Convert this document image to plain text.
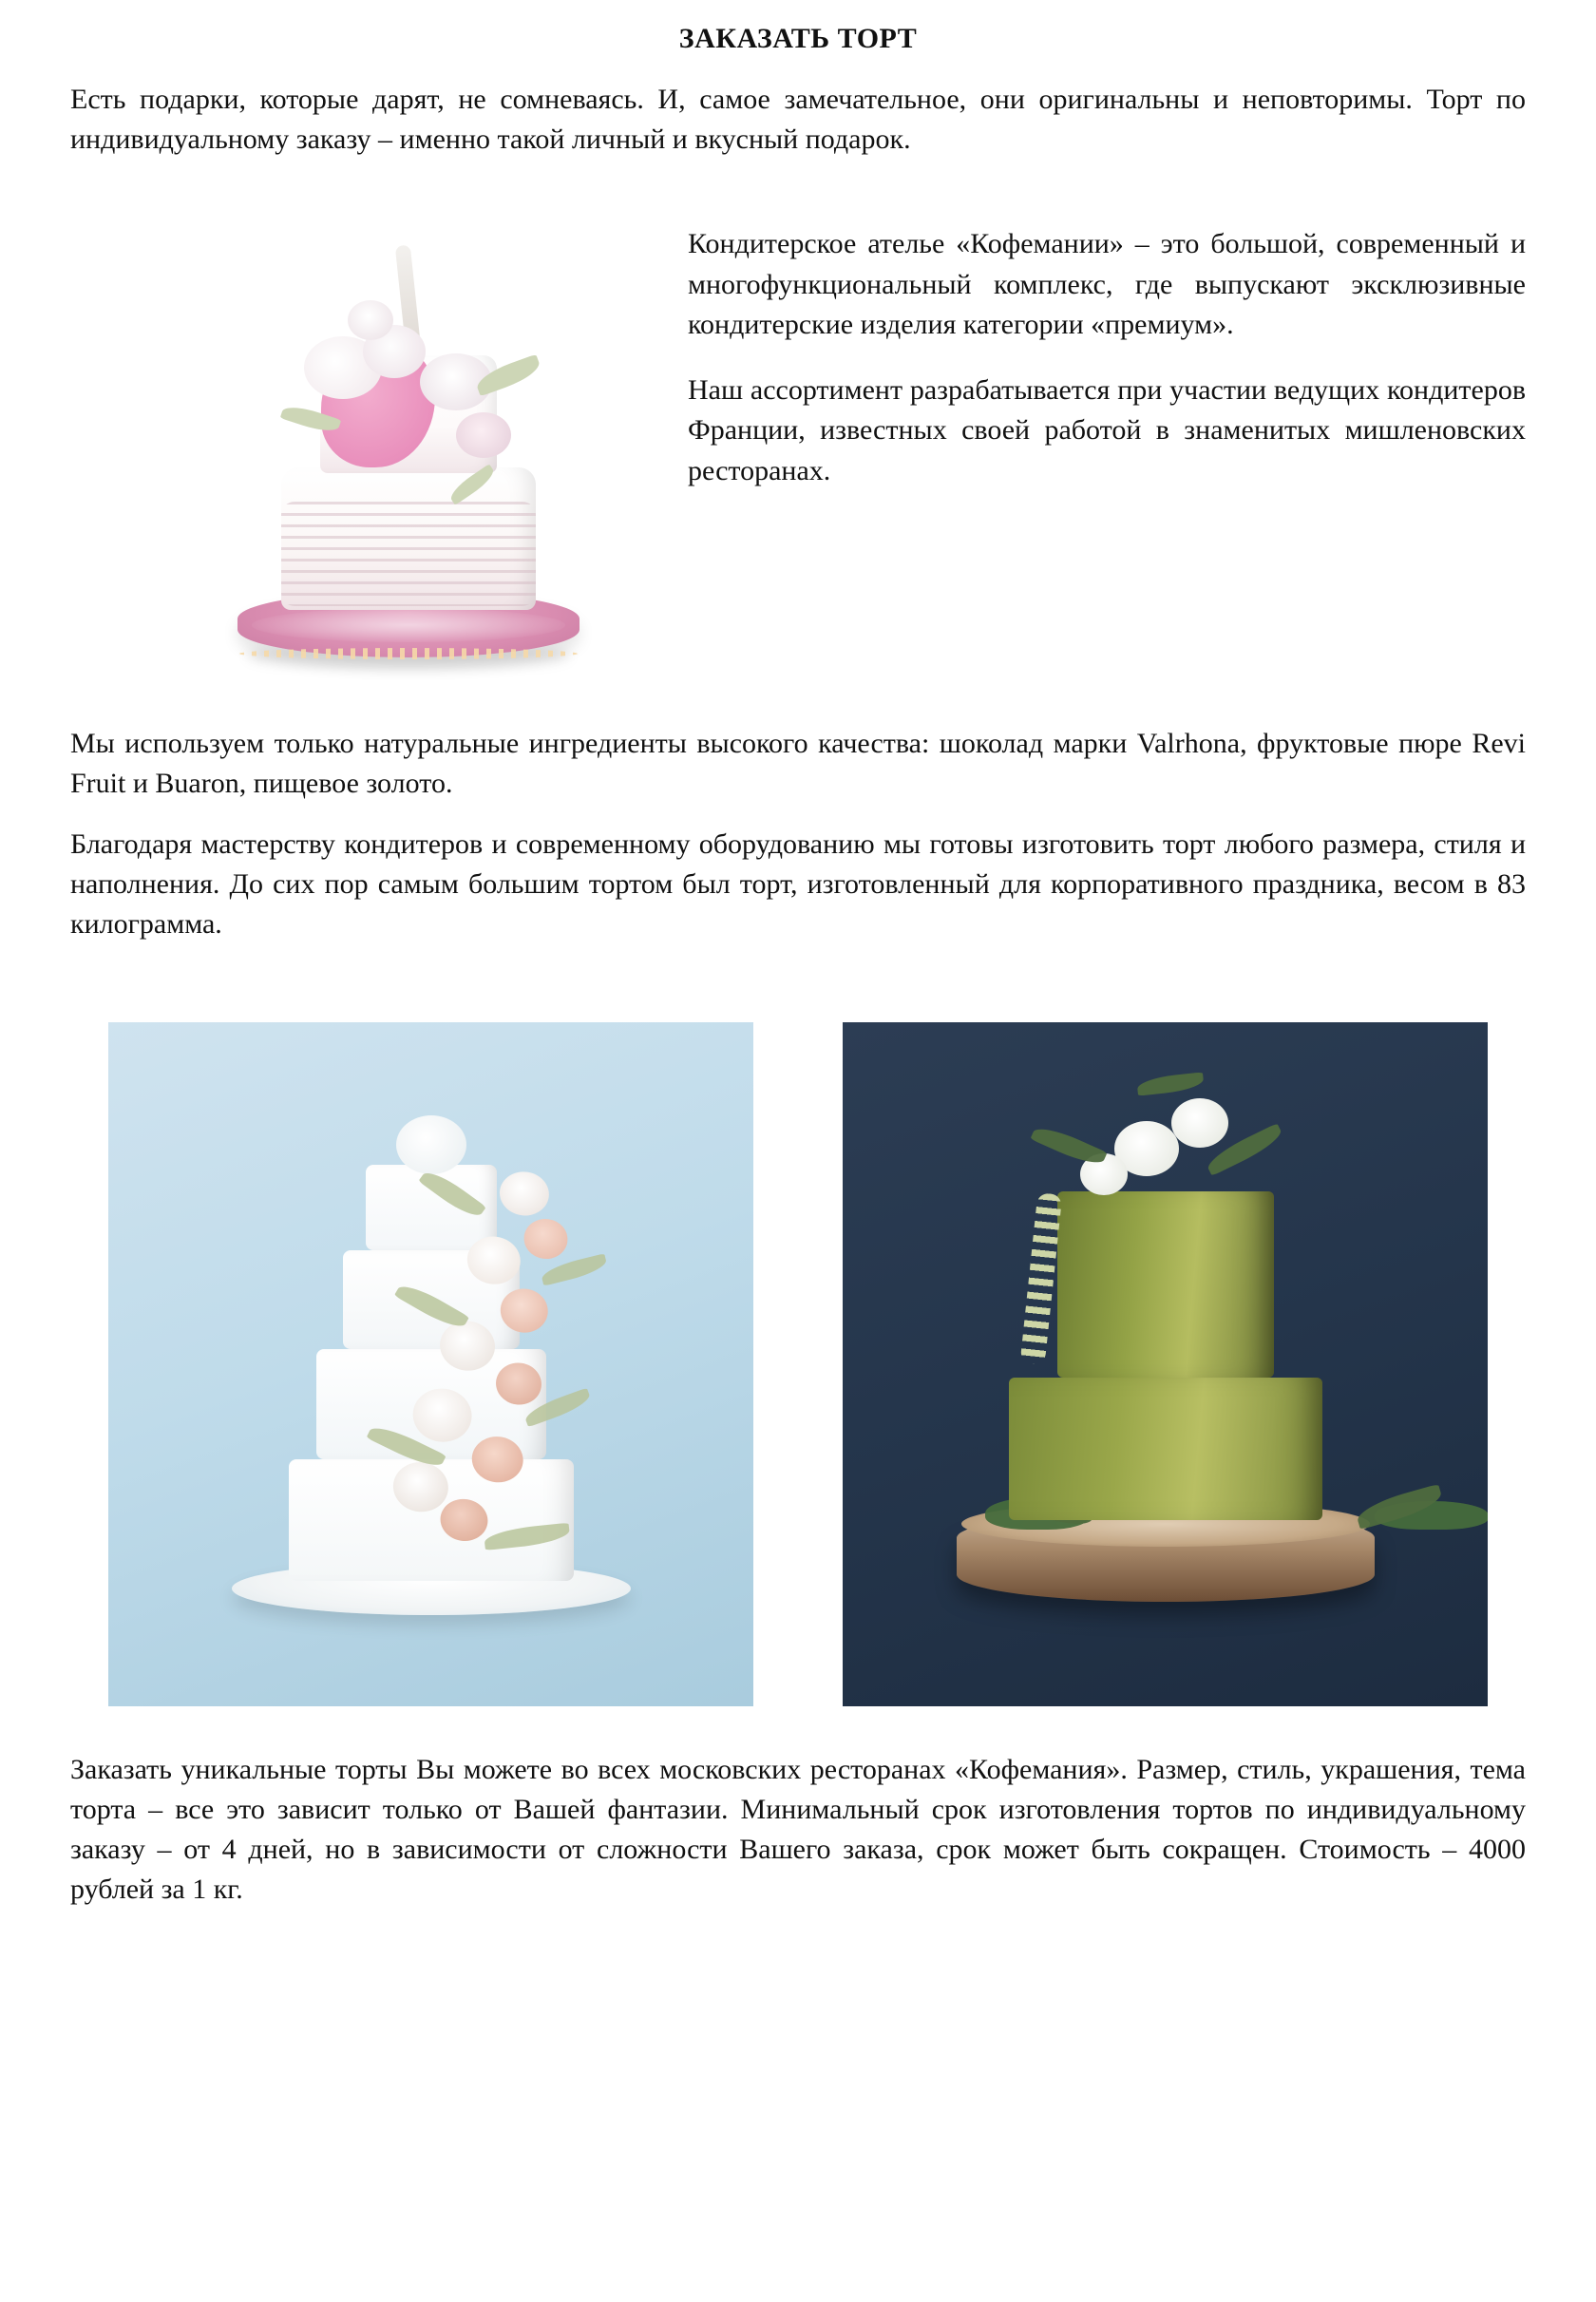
ЗАКАЗАТЬ ТОРТ

Есть подарки, которые дарят, не сомневаясь. И, самое замечательное, они оригинальны и неповторимы. Торт по индивидуальному заказу – именно такой личный и вкусный подарок.

Кондитерское ателье «Кофемании» – это большой, современный и многофункциональный комплекс, где выпускают эксклюзивные кондитерские изделия категории «премиум».

Наш ассортимент разрабатывается при участии ведущих кондитеров Франции, известных своей работой в знаменитых мишленовских ресторанах.

Мы используем только натуральные ингредиенты высокого качества: шоколад марки Valrhona, фруктовые пюре Revi Fruit и Buaron, пищевое золото.

Благодаря мастерству кондитеров и современному оборудованию мы готовы изготовить торт любого размера, стиля и наполнения. До сих пор самым большим тортом был торт, изготовленный для корпоративного праздника, весом в 83 килограмма.

Заказать уникальные торты Вы можете во всех московских ресторанах «Кофемания». Размер, стиль, украшения, тема торта – все это зависит только от Вашей фантазии. Минимальный срок изготовления тортов по индивидуальному заказу – от 4 дней, но в зависимости от сложности Вашего заказа, срок может быть сокращен. Стоимость – 4000 рублей за 1 кг.
